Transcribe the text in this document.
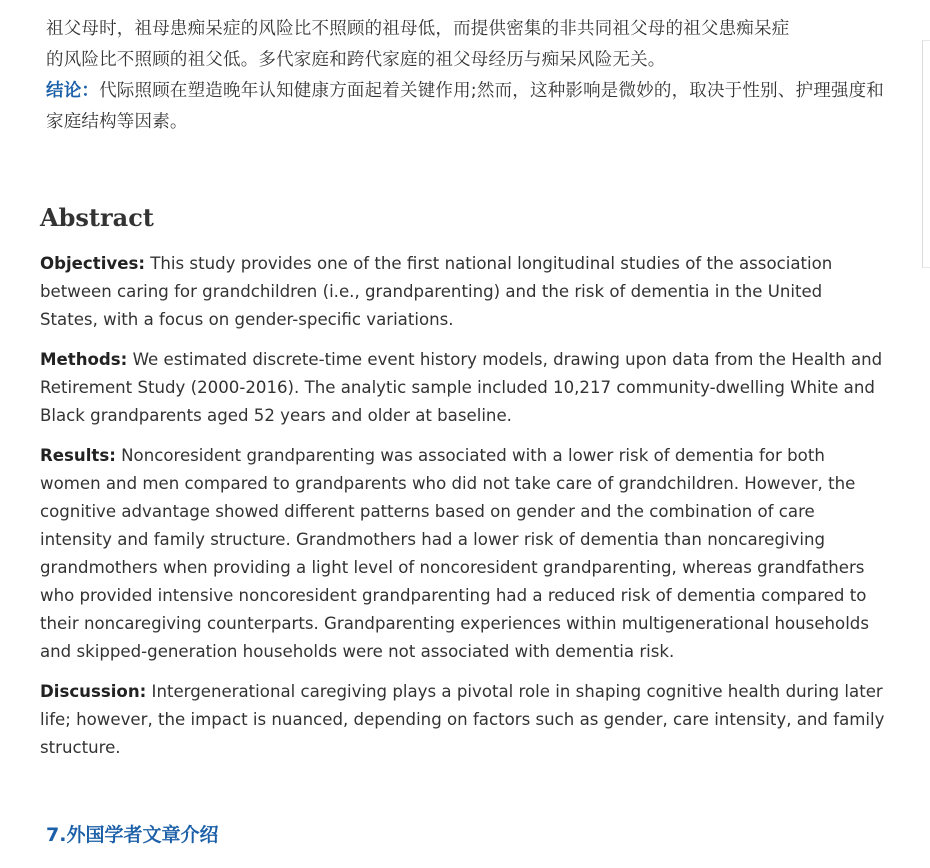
祖父母时，祖母患痴呆症的风险比不照顾的祖母低，而提供密集的非共同祖父母的祖父患痴呆症

的风险比不照顾的祖父低。多代家庭和跨代家庭的祖父母经历与痴呆风险无关。

结论：代际照顾在塑造晚年认知健康方面起着关键作用;然而，这种影响是微妙的，取决于性别、护理强度和家庭结构等因素。

Abstract

Objectives: This study provides one of the first national longitudinal studies of the association between caring for grandchildren (i.e., grandparenting) and the risk of dementia in the United States, with a focus on gender-specific variations.

Methods: We estimated discrete-time event history models, drawing upon data from the Health and Retirement Study (2000-2016). The analytic sample included 10,217 community-dwelling White and Black grandparents aged 52 years and older at baseline.

Results: Noncoresident grandparenting was associated with a lower risk of dementia for both women and men compared to grandparents who did not take care of grandchildren. However, the cognitive advantage showed different patterns based on gender and the combination of care intensity and family structure. Grandmothers had a lower risk of dementia than noncaregiving grandmothers when providing a light level of noncoresident grandparenting, whereas grandfathers who provided intensive noncoresident grandparenting had a reduced risk of dementia compared to their noncaregiving counterparts. Grandparenting experiences within multigenerational households and skipped-generation households were not associated with dementia risk.

Discussion: Intergenerational caregiving plays a pivotal role in shaping cognitive health during later life; however, the impact is nuanced, depending on factors such as gender, care intensity, and family structure.

7.外国学者文章介绍
